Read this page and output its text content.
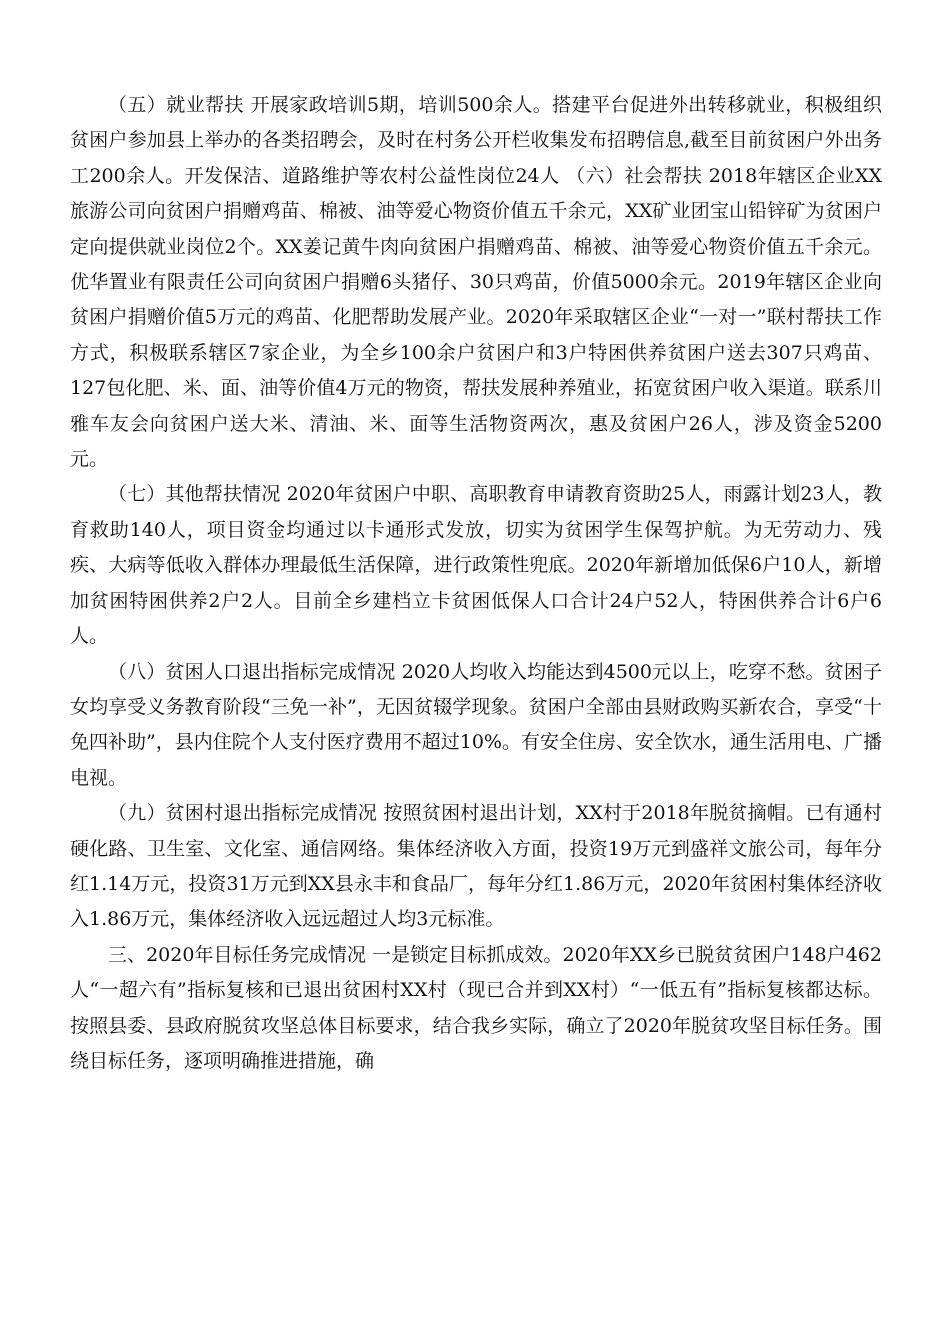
（五）就业帮扶 开展家政培训5期，培训500余人。搭建平台促进外出转移就业，积极组织贫困户参加县上举办的各类招聘会，及时在村务公开栏收集发布招聘信息,截至目前贫困户外出务工200余人。开发保洁、道路维护等农村公益性岗位24人 （六）社会帮扶 2018年辖区企业XX旅游公司向贫困户捐赠鸡苗、棉被、油等爱心物资价值五千余元，XX矿业团宝山铅锌矿为贫困户定向提供就业岗位2个。XX姜记黄牛肉向贫困户捐赠鸡苗、棉被、油等爱心物资价值五千余元。优华置业有限责任公司向贫困户捐赠6头猪仔、30只鸡苗，价值5000余元。2019年辖区企业向贫困户捐赠价值5万元的鸡苗、化肥帮助发展产业。2020年采取辖区企业“一对一”联村帮扶工作方式，积极联系辖区7家企业，为全乡100余户贫困户和3户特困供养贫困户送去307只鸡苗、127包化肥、米、面、油等价值4万元的物资，帮扶发展种养殖业，拓宽贫困户收入渠道。联系川雅车友会向贫困户送大米、清油、米、面等生活物资两次，惠及贫困户26人，涉及资金5200元。

（七）其他帮扶情况 2020年贫困户中职、高职教育申请教育资助25人，雨露计划23人，教育救助140人，项目资金均通过以卡通形式发放，切实为贫困学生保驾护航。为无劳动力、残疾、大病等低收入群体办理最低生活保障，进行政策性兜底。2020年新增加低保6户10人，新增加贫困特困供养2户2人。目前全乡建档立卡贫困低保人口合计24户52人，特困供养合计6户6人。

（八）贫困人口退出指标完成情况 2020人均收入均能达到4500元以上，吃穿不愁。贫困子女均享受义务教育阶段“三免一补”，无因贫辍学现象。贫困户全部由县财政购买新农合，享受“十免四补助”，县内住院个人支付医疗费用不超过10%。有安全住房、安全饮水，通生活用电、广播电视。

（九）贫困村退出指标完成情况 按照贫困村退出计划，XX村于2018年脱贫摘帽。已有通村硬化路、卫生室、文化室、通信网络。集体经济收入方面，投资19万元到盛祥文旅公司，每年分红1.14万元，投资31万元到XX县永丰和食品厂，每年分红1.86万元，2020年贫困村集体经济收入1.86万元，集体经济收入远远超过人均3元标准。

三、2020年目标任务完成情况 一是锁定目标抓成效。2020年XX乡已脱贫贫困户148户462人“一超六有”指标复核和已退出贫困村XX村（现已合并到XX村）“一低五有”指标复核都达标。按照县委、县政府脱贫攻坚总体目标要求，结合我乡实际，确立了2020年脱贫攻坚目标任务。围绕目标任务，逐项明确推进措施，确
